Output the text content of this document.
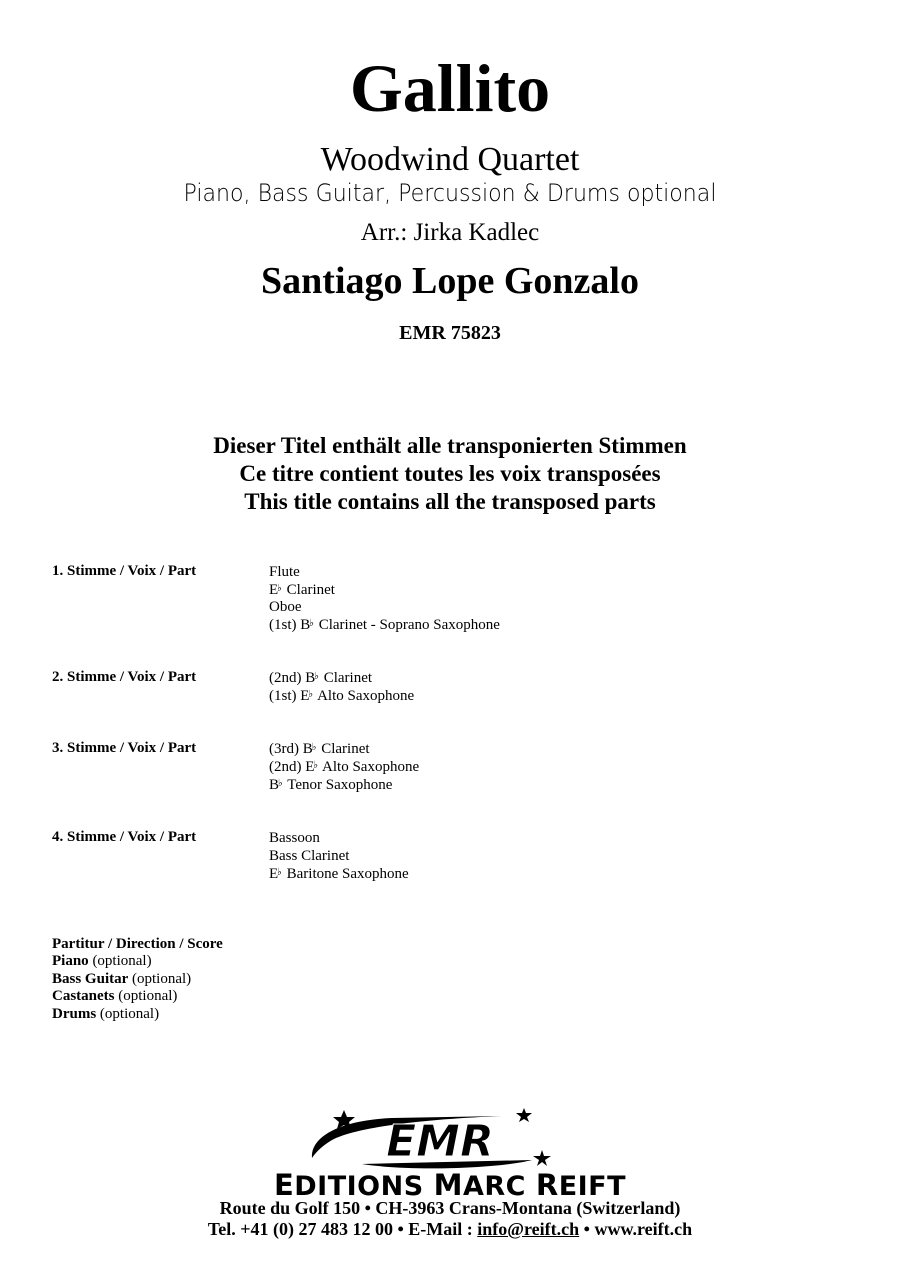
Gallito
Woodwind Quartet
Piano, Bass Guitar, Percussion & Drums optional
Arr.: Jirka Kadlec
Santiago Lope Gonzalo
EMR 75823
Dieser Titel enthält alle transponierten Stimmen
Ce titre contient toutes les voix transposées
This title contains all the transposed parts
1. Stimme / Voix / Part	Flute
E♭ Clarinet
Oboe
(1st) B♭ Clarinet - Soprano Saxophone
2. Stimme / Voix / Part	(2nd) B♭ Clarinet
(1st) E♭ Alto Saxophone
3. Stimme / Voix / Part	(3rd) B♭ Clarinet
(2nd) E♭ Alto Saxophone
B♭ Tenor Saxophone
4. Stimme / Voix / Part	Bassoon
Bass Clarinet
E♭ Baritone Saxophone
Partitur / Direction / Score
Piano (optional)
Bass Guitar (optional)
Castanets (optional)
Drums (optional)
EMR
EDITIONS MARC REIFT
Route du Golf 150 • CH-3963 Crans-Montana (Switzerland)
Tel. +41 (0) 27 483 12 00 • E-Mail : info@reift.ch • www.reift.ch
